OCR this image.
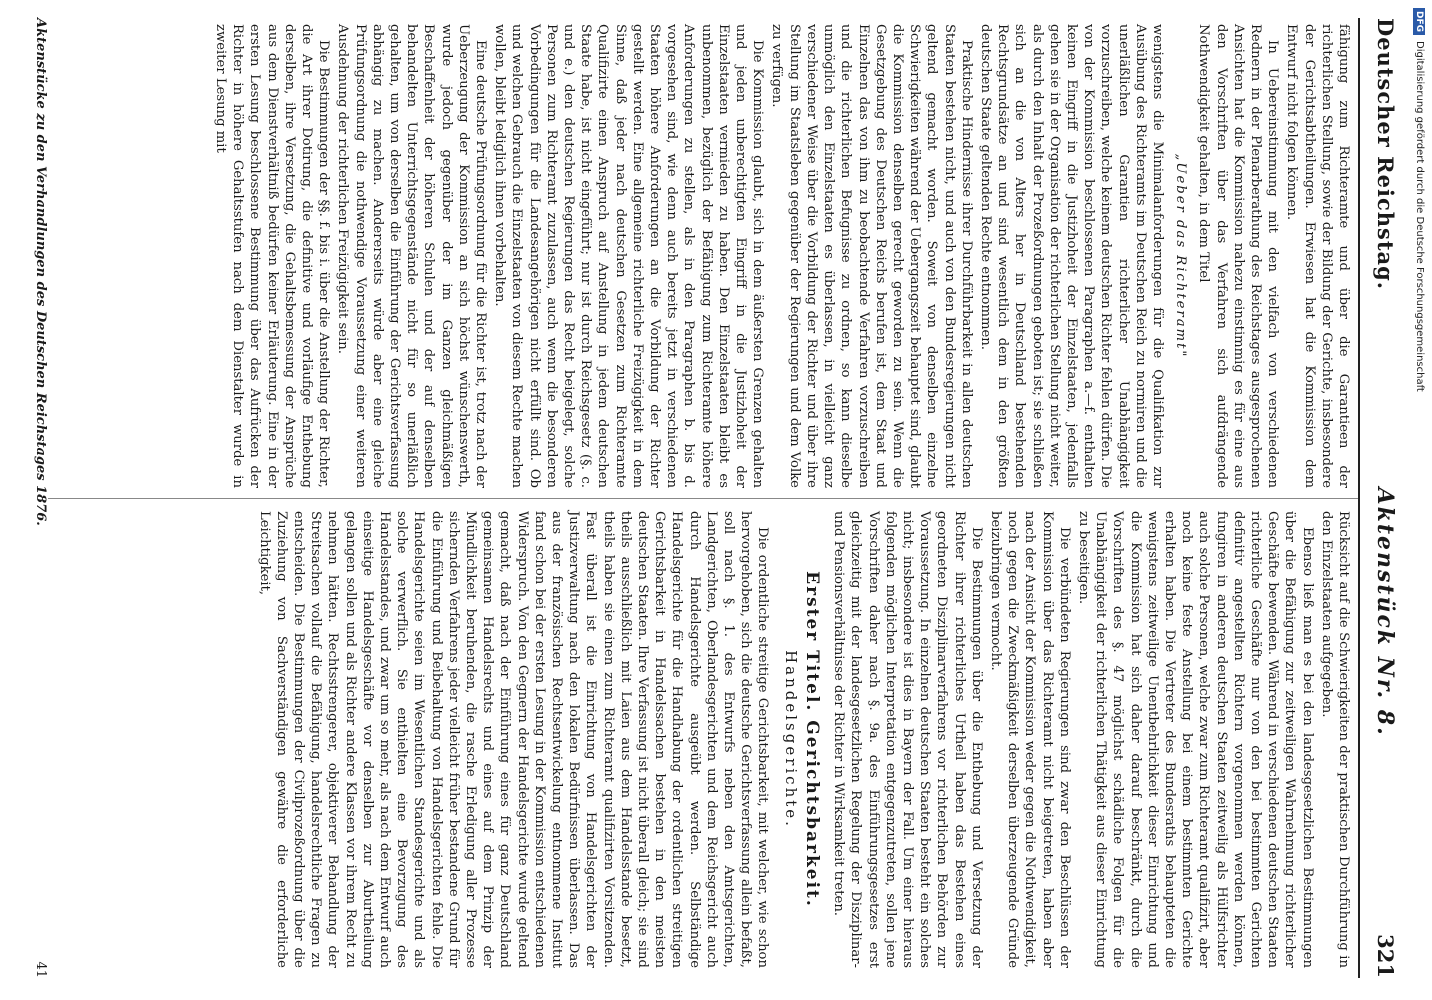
Deutscher Reichstag.
Aktenstück Nr. 8.
321

fähigung zum Richteramte und über die Garantieen der richterlichen Stellung, sowie der Bildung der Gerichte, insbesondere der Gerichtsabtheilungen. Erwiesen hat die Kommission dem Entwurf nicht folgen können.

In Uebereinstimmung mit den vielfach von verschiedenen Rednern in der Plenarberathung des Reichstages ausgesprochenen Ansichten hat die Kommission nahezu einstimmig es für eine aus den Vorschriften über das Verfahren sich aufdrängende Nothwendigkeit gehalten, in dem Titel

„Ueber das Richteramt"

wenigstens die Minimalanforderungen für die Qualifikation zur Ausübung des Richteramts im Deutschen Reich zu normiren und die unerläßlichen Garantien richterlicher Unabhängigkeit vorzuschreiben, welche keinem deutschen Richter fehlen dürfen. Die von der Kommission beschlossenen Paragraphen a.—f. enthalten keinen Eingriff in die Justizhoheit der Einzelstaaten, jedenfalls gehen sie in der Organisation der richterlichen Stellung nicht weiter, als durch den Inhalt der Prozeßordnungen geboten ist; sie schließen sich an die von Alters her in Deutschland bestehenden Rechtsgrundsätze an und sind wesentlich dem in den größten deutschen Staate geltenden Rechte entnommen.

Praktische Hindernisse ihrer Durchführbarkeit in allen deutschen Staaten bestehen nicht, und auch von den Bundesregierungen nicht geltend gemacht worden. Soweit von denselben einzelne Schwierigkeiten während der Uebergangszeit behauptet sind, glaubt die Kommission denselben gerecht geworden zu sein. Wenn die Gesetzgebung des Deutschen Reichs berufen ist, dem Staat und Einzelnen das von ihm zu beobachtende Verfahren vorzuschreiben und die richterlichen Befugnisse zu ordnen, so kann dieselbe unmöglich den Einzelstaaten es überlassen, in vielleicht ganz verschiedener Weise über die Vorbildung der Richter und über ihre Stellung im Staatsleben gegenüber der Regierungen und dem Volke zu verfügen.

Die Kommission glaubt, sich in dem äußersten Grenzen gehalten und jeden unberechtigten Eingriff in die Justizhoheit der Einzelstaaten vermieden zu haben. Den Einzelstaaten bleibt es unbenommen, bezüglich der Befähigung zum Richteramte höhere Anforderungen zu stellen, als in den Paragraphen b. bis d. vorgesehen sind, wie denn auch bereits jetzt in verschiedenen Staaten höhere Anforderungen an die Vorbildung der Richter gestellt werden. Eine allgemeine richterliche Freizügigkeit in dem Sinne, daß jeder nach deutschen Gesetzen zum Richteramte Qualifizirte einen Anspruch auf Anstellung in jedem deutschen Staate habe, ist nicht eingeführt; nur ist durch Reichsgesetz (§. c. und e.) den deutschen Regierungen das Recht beigelegt, solche Personen zum Richteramt zuzulassen, auch wenn die besonderen Vorbedingungen für die Landesangehörigen nicht erfüllt sind. Ob und welchen Gebrauch die Einzelstaaten von diesem Rechte machen wollen, bleibt lediglich ihnen vorbehalten.

Eine deutsche Prüfungsordnung für die Richter ist, trotz nach der Ueberzeugung der Kommission an sich höchst wünschenswerth, wurde jedoch gegenüber der im Ganzen gleichmäßigen Beschaffenheit der höheren Schulen und der auf denselben behandelten Unterrichtsgegenstände nicht für so unerläßlich gehalten, um von derselben die Einführung der Gerichtsverfassung abhängig zu machen. Andererseits würde aber eine gleiche Prüfungsordnung die nothwendige Voraussetzung einer weiteren Ausdehnung der richterlichen Freizügigkeit sein.

Die Bestimmungen der §§. f. bis i. über die Anstellung der Richter, die Art ihrer Dotirung, die definitive und vorläufige Enthebung derselben, ihre Versetzung, die Gehaltsbemessung der Ansprüche aus dem Dienstverhältniß bedürfen keiner Erläuterung. Eine in der ersten Lesung beschlossene Bestimmung über das Aufrücken der Richter in höhere Gehaltsstufen nach dem Dienstalter wurde in zweiter Lesung mit

Rücksicht auf die Schwierigkeiten der praktischen Durchführung in den Einzelstaaten aufgegeben.

Ebenso ließ man es bei den landesgesetzlichen Bestimmungen über die Befähigung zur zeitweiligen Wahrnehmung richterlicher Geschäfte bewenden. Während in verschiedenen deutschen Staaten richterliche Geschäfte nur von den bei bestimmten Gerichten definitiv angestellten Richtern vorgenommen werden können, fungiren in anderen deutschen Staaten zeitweilig als Hülfsrichter auch solche Personen, welche zwar zum Richteramt qualifizirt, aber noch keine feste Anstellung bei einem bestimmten Gerichte erhalten haben. Die Vertreter des Bundesraths behaupteten die wenigstens zeitweilige Unentbehrlichkeit dieser Einrichtung und die Kommission hat sich daher darauf beschränkt, durch die Vorschriften des §. 47 möglichst schädliche Folgen für die Unabhängigkeit der richterlichen Thätigkeit aus dieser Einrichtung zu beseitigen.

Die verbündeten Regierungen sind zwar den Beschlüssen der Kommission über das Richteramt nicht beigetreten, haben aber nach der Ansicht der Kommission weder gegen die Nothwendigkeit, noch gegen die Zweckmäßigkeit derselben überzeugende Gründe beizubringen vermocht.

Die Bestimmungen über die Enthebung und Versetzung der Richter ihrer richterliches Urtheil haben das Bestehen eines geordneten Disziplinarverfahrens vor richterlichen Behörden zur Voraussetzung. In einzelnen deutschen Staaten besteht ein solches nicht; insbesondere ist dies in Bayern der Fall. Um einer hieraus folgenden möglichen Interpretation entgegenzutreten, sollen jene Vorschriften daher nach §. 9a. des Einführungsgesetzes erst gleichzeitig mit der landesgesetzlichen Regelung der Disziplinar- und Pensionsverhältnisse der Richter in Wirksamkeit treten.

Erster Titel. Gerichtsbarkeit.
Handelsgerichte.

Die ordentliche streitige Gerichtsbarkeit, mit welcher, wie schon hervorgehoben, sich die deutsche Gerichtsverfassung allein befaßt, soll nach §. 1. des Entwurfs neben den Amtsgerichten, Landgerichten, Oberlandesgerichten und dem Reichsgericht auch durch Handelsgerichte ausgeübt werden. Selbständige Handelsgerichte für die Handhabung der ordentlichen streitigen Gerichtsbarkeit in Handelssachen bestehen in den meisten deutschen Staaten. Ihre Verfassung ist nicht überall gleich; sie sind theils ausschließlich mit Laien aus dem Handelsstande besetzt, theils haben sie einen zum Richteramt qualifizirten Vorsitzenden. Fast überall ist die Einrichtung von Handelsgerichten der Justizverwaltung nach den lokalen Bedürfnissen überlassen. Das aus der französischen Rechtsentwickelung entnommene Institut fand schon bei der ersten Lesung in der Kommission entschiedenen Widerspruch. Von den Gegnern der Handelsgerichte wurde geltend gemacht, daß nach der Einführung eines für ganz Deutschland gemeinsamen Handelsrechts und eines auf dem Prinzip der Mündlichkeit beruhenden, die rasche Erledigung aller Prozesse sichernden Verfahrens jeder vielleicht früher bestandene Grund für die Einführung und Beibehaltung von Handelsgerichten fehle. Die Handelsgerichte seien im Wesentlichen Standesgerichte und als solche verwerflich. Sie enthielten eine Bevorzugung des Handelsstandes, und zwar um so mehr, als nach dem Entwurf auch einseitige Handelsgeschäfte vor denselben zur Aburtheilung gelangen sollen und als Richter andere Klassen vor ihrem Recht zu nehmen hätten. Rechtsstrengerer, objektiverer Behandlung der Streitsachen vollauf die Befähigung, handelsrechtliche Fragen zu entscheiden. Die Bestimmungen der Civilprozeßordnung über die Zuziehung von Sachverständigen gewähre die erforderliche Leichtigkeit,

Aktenstücke zu den Verhandlungen des Deutschen Reichstages 1876.
41
DFG
Digitalisierung gefördert durch die Deutsche Forschungsgemeinschaft
